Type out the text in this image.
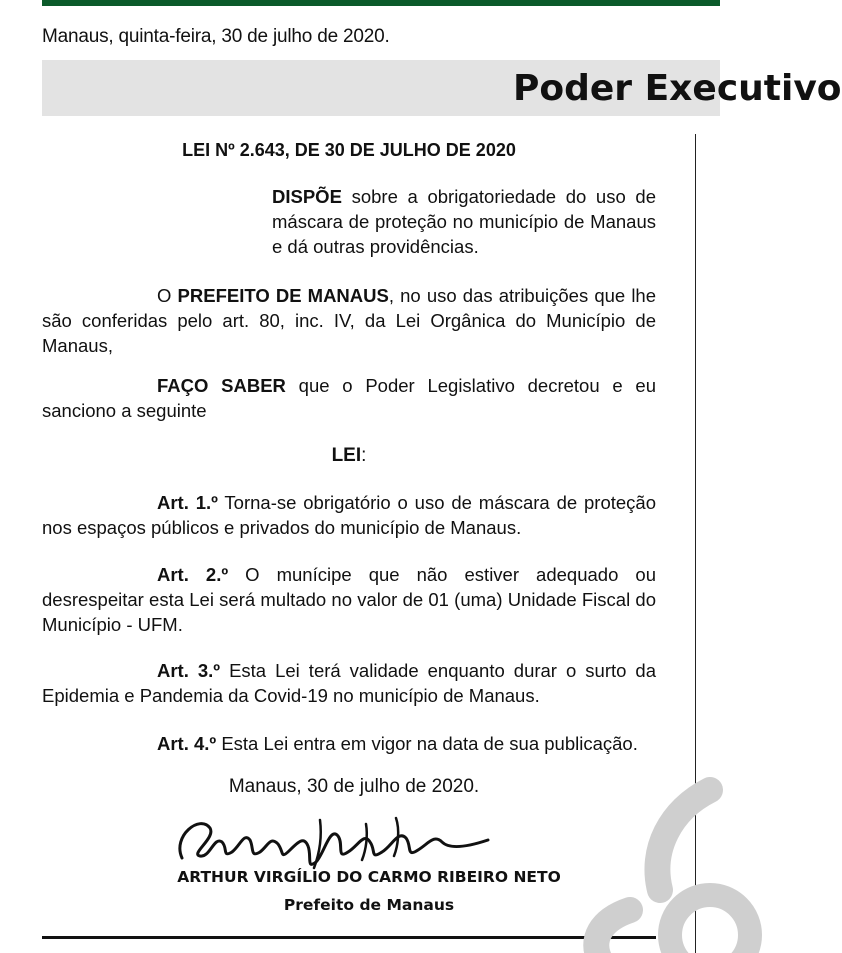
Manaus, quinta-feira, 30 de julho de 2020.
Poder Executivo
LEI Nº 2.643, DE 30 DE JULHO DE 2020
DISPÕE sobre a obrigatoriedade do uso de máscara de proteção no município de Manaus e dá outras providências.
O PREFEITO DE MANAUS, no uso das atribuições que lhe são conferidas pelo art. 80, inc. IV, da Lei Orgânica do Município de Manaus,
FAÇO SABER que o Poder Legislativo decretou e eu sanciono a seguinte
LEI:
Art. 1.º Torna-se obrigatório o uso de máscara de proteção nos espaços públicos e privados do município de Manaus.
Art. 2.º O munícipe que não estiver adequado ou desrespeitar esta Lei será multado no valor de 01 (uma) Unidade Fiscal do Município - UFM.
Art. 3.º Esta Lei terá validade enquanto durar o surto da Epidemia e Pandemia da Covid-19 no município de Manaus.
Art. 4.º Esta Lei entra em vigor na data de sua publicação.
Manaus, 30 de julho de 2020.
ARTHUR VIRGÍLIO DO CARMO RIBEIRO NETO
Prefeito de Manaus
